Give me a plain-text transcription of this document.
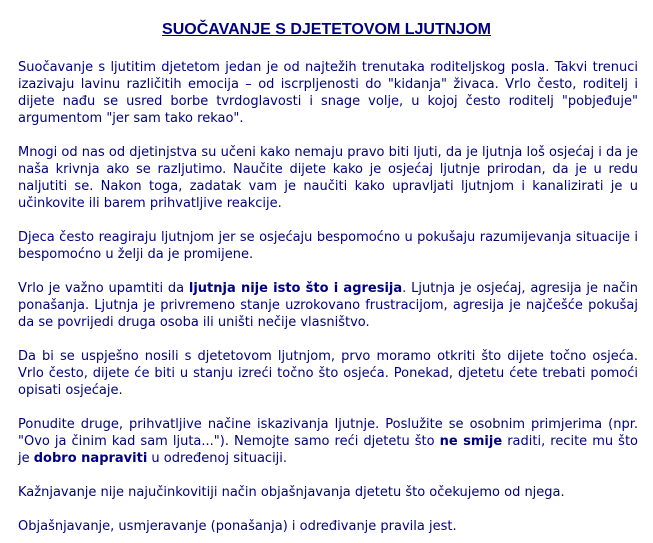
SUOČAVANJE S DJETETOVOM LJUTNJOM

Suočavanje s ljutitim djetetom jedan je od najtežih trenutaka roditeljskog posla. Takvi trenuci izazivaju lavinu različitih emocija – od iscrpljenosti do "kidanja" živaca. Vrlo često, roditelj i dijete nađu se usred borbe tvrdoglavosti i snage volje, u kojoj često roditelj "pobjeđuje" argumentom "jer sam tako rekao".

Mnogi od nas od djetinjstva su učeni kako nemaju pravo biti ljuti, da je ljutnja loš osjećaj i da je naša krivnja ako se razljutimo. Naučite dijete kako je osjećaj ljutnje prirodan, da je u redu naljutiti se. Nakon toga, zadatak vam je naučiti kako upravljati ljutnjom i kanalizirati je u učinkovite ili barem prihvatljive reakcije.

Djeca često reagiraju ljutnjom jer se osjećaju bespomoćno u pokušaju razumijevanja situacije i bespomoćno u želji da je promijene.

Vrlo je važno upamtiti da ljutnja nije isto što i agresija. Ljutnja je osjećaj, agresija je način ponašanja. Ljutnja je privremeno stanje uzrokovano frustracijom, agresija je najčešće pokušaj da se povrijedi druga osoba ili uništi nečije vlasništvo.

Da bi se uspješno nosili s djetetovom ljutnjom, prvo moramo otkriti što dijete točno osjeća. Vrlo često, dijete će biti u stanju izreći točno što osjeća. Ponekad, djetetu ćete trebati pomoći opisati osjećaje.

Ponudite druge, prihvatljive načine iskazivanja ljutnje. Poslužite se osobnim primjerima (npr. "Ovo ja činim kad sam ljuta..."). Nemojte samo reći djetetu što ne smije raditi, recite mu što je dobro napraviti u određenoj situaciji.

Kažnjavanje nije najučinkovitiji način objašnjavanja djetetu što očekujemo od njega.

Objašnjavanje, usmjeravanje (ponašanja) i određivanje pravila jest.
